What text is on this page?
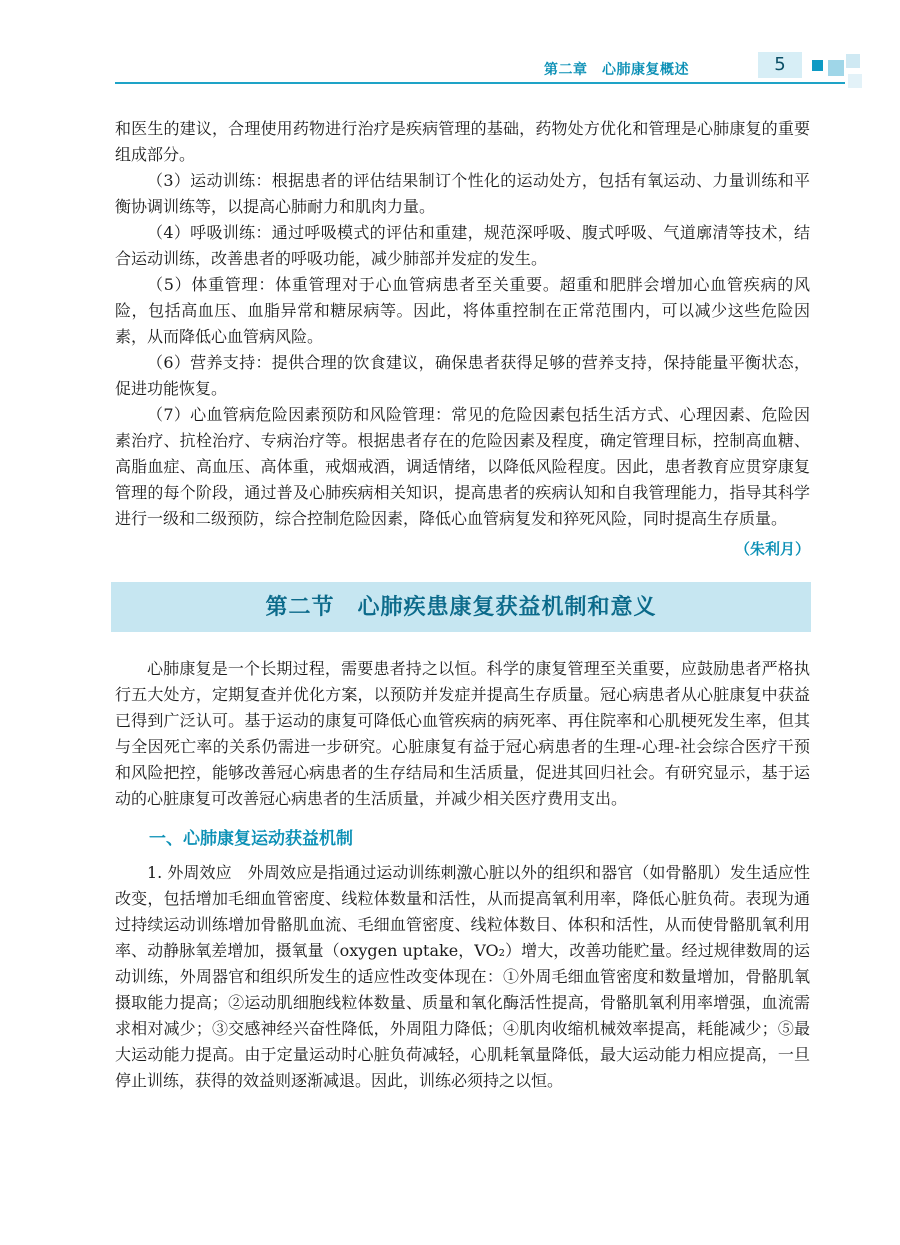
第二章　心肺康复概述	5

和医生的建议，合理使用药物进行治疗是疾病管理的基础，药物处方优化和管理是心肺康复的重要组成部分。

（3）运动训练：根据患者的评估结果制订个性化的运动处方，包括有氧运动、力量训练和平衡协调训练等，以提高心肺耐力和肌肉力量。

（4）呼吸训练：通过呼吸模式的评估和重建，规范深呼吸、腹式呼吸、气道廓清等技术，结合运动训练，改善患者的呼吸功能，减少肺部并发症的发生。

（5）体重管理：体重管理对于心血管病患者至关重要。超重和肥胖会增加心血管疾病的风险，包括高血压、血脂异常和糖尿病等。因此，将体重控制在正常范围内，可以减少这些危险因素，从而降低心血管病风险。

（6）营养支持：提供合理的饮食建议，确保患者获得足够的营养支持，保持能量平衡状态，促进功能恢复。

（7）心血管病危险因素预防和风险管理：常见的危险因素包括生活方式、心理因素、危险因素治疗、抗栓治疗、专病治疗等。根据患者存在的危险因素及程度，确定管理目标，控制高血糖、高脂血症、高血压、高体重，戒烟戒酒，调适情绪，以降低风险程度。因此，患者教育应贯穿康复管理的每个阶段，通过普及心肺疾病相关知识，提高患者的疾病认知和自我管理能力，指导其科学进行一级和二级预防，综合控制危险因素，降低心血管病复发和猝死风险，同时提高生存质量。

（朱利月）

第二节　心肺疾患康复获益机制和意义

心肺康复是一个长期过程，需要患者持之以恒。科学的康复管理至关重要，应鼓励患者严格执行五大处方，定期复查并优化方案，以预防并发症并提高生存质量。冠心病患者从心脏康复中获益已得到广泛认可。基于运动的康复可降低心血管疾病的病死率、再住院率和心肌梗死发生率，但其与全因死亡率的关系仍需进一步研究。心脏康复有益于冠心病患者的生理-心理-社会综合医疗干预和风险把控，能够改善冠心病患者的生存结局和生活质量，促进其回归社会。有研究显示，基于运动的心脏康复可改善冠心病患者的生活质量，并减少相关医疗费用支出。

一、心肺康复运动获益机制

1. 外周效应　外周效应是指通过运动训练刺激心脏以外的组织和器官（如骨骼肌）发生适应性改变，包括增加毛细血管密度、线粒体数量和活性，从而提高氧利用率，降低心脏负荷。表现为通过持续运动训练增加骨骼肌血流、毛细血管密度、线粒体数目、体积和活性，从而使骨骼肌氧利用率、动静脉氧差增加，摄氧量（oxygen uptake，VO₂）增大，改善功能贮量。经过规律数周的运动训练，外周器官和组织所发生的适应性改变体现在：①外周毛细血管密度和数量增加，骨骼肌氧摄取能力提高；②运动肌细胞线粒体数量、质量和氧化酶活性提高，骨骼肌氧利用率增强，血流需求相对减少；③交感神经兴奋性降低，外周阻力降低；④肌肉收缩机械效率提高，耗能减少；⑤最大运动能力提高。由于定量运动时心脏负荷减轻，心肌耗氧量降低，最大运动能力相应提高，一旦停止训练，获得的效益则逐渐减退。因此，训练必须持之以恒。
